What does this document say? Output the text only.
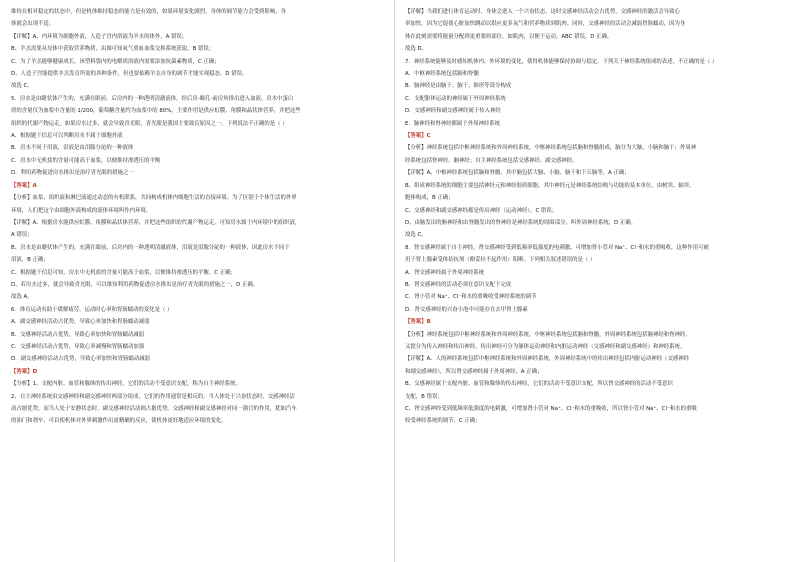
维持在相对稳定的状态中，但是机体维持稳态的能力是有效的，如果环境变化剧烈，身体的调节能力会受到影响，身
体就会出现不适。
【详解】A、内环境为细胞外液，人造子宫内浴液为羊水的体外，A 错误；
B、羊羔需要从母体中获取营养物质，由图可知氧气重血血浆交换系统获取，B 错误；
C、为了羊羔能够健康成长，该塑料袋内的电解质浴液内需要添加抗菌素物质，C 正确；
D、人造子宫能提供羊羔发育所需的各种条件，但也要依赖羊羔自身的调节才能实现稳态，D 错误。
故选 C。
5．房水是由睫状体产生的，充满在眼前、后房内的一种透明清澈液体，经后房-瞳孔-前房角排出进入血液。房水中蛋白
质的含量仅为血浆中含量的 1/200，葡萄糖含量约为血浆中的 80%，主要作用是供应虹膜、角膜和晶状体营养，并把这些
组织的代谢产物运走。如果房水过多，就会导致青光眼，青光眼是我国主要致盲原因之一。下列说法不正确的是（ ）
A．根据题干信息可以判断房水不属于细胞外液
B．房水不同于泪液，泪液是由泪腺分泌的一种液体
C．房水中无机盐的含量可能高于血浆，以便维持渗透压的平衡
D．利用药物促进房水排出是治疗青光眼的措施之一
【答案】A
【分析】血浆、组织液和淋巴液通过动态的有机联系，共同构成机体内细胞生活的直接环境。为了区别于个体生活的外界
环境，人们把这个由细胞外液构成的液体环境叫作内环境。
【详解】A、根据房水能供应虹膜、角膜和晶状体营养，并把这些组织的代谢产物运走，可知房水属于内环境中的组织液，
A 错误；
B、房水是由睫状体产生的，充满在眼前、后房内的一种透明清澈液体，泪液是泪腺分泌的一种液体，因此房水不同于
泪液，B 正确；
C、根据题干信息可知，房水中无机盐的含量可能高于血浆，以便维持渗透压的平衡，C 正确；
D、若房水过多，就会导致青光眼，可以推知利用药物促进房水排出是治疗青光眼的措施之一，D 正确。
故选 A。
6．体育运动有助于缓解疲劳，运动时心率和胃肠蠕动的变化是（ ）
A．副交感神经活动占优势，导致心率加快和胃肠蠕动减弱
B．交感神经活动占优势，导致心率加快和胃肠蠕动减弱
C．交感神经活动占优势，导致心率减慢和胃肠蠕动加强
D．副交感神经活动占优势，导致心率加快和胃肠蠕动减弱
【答案】D
【分析】1、支配内脏、血管和腺体的传出神经，它们的活动不受意识支配，称为自主神经系统。
2、自主神经系统由交感神经和副交感神经两部分组成，它们的作用通常是相反的。当人体处于兴奋状态时，交感神经活
动占据优势，而当人处于安静状态时，副交感神经活动则占据优势。交感神经和副交感神经对同一器官的作用，犹如汽车
的油门和刹车，可以使机体对外界刺激作出更精确的反应，使机体更好地适应环境的变化。
【详解】当我们进行体育运动时，身体会进入一个兴奋状态，这时交感神经活动会占优势，交感神经的激活会导致心
率加快，因为它促使心脏加快跳动以供应更多氧气和营养物质到肌肉。同时，交感神经的活动会减弱胃肠蠕动，因为身
体在此刻需要将能量分配到更重要的部位，如肌肉，以便于运动，ABC 错误，D 正确。
故选 D。
7．神经系统能够及时感知机体内、外环境的变化，使得机体能够保持协调与稳定。下列关于神经系统组成的表述，不正确的是（ ）
A．中枢神经系统包括脑和脊髓
B．脑神经是由脑干、脑干、锥形等部分构成
C．支配躯体运动的神经属于外周神经系统
D．交感神经和副交感神经属于传入神经
E．脑神经和脊神经都属于外周神经系统
【答案】C
【分析】神经系统包括中枢神经系统和外周神经系统，中枢神经系统包括脑和脊髓组成，脑分为大脑、小脑和脑干；外周神
经系统包括脊神经、脑神经；自主神经系统包括交感神经、副交感神经。
【详解】A、中枢神经系统包括脑和脊髓，其中脑包括大脑、小脑、脑干和下丘脑等，A 正确；
B、组成神经系统的细胞主要包括神经元和神经胶质细胞，其中神经元是神经系统结构与功能的基本单位，由树突、轴突、
胞体构成，B 正确；
C、交感神经和副交感神经都是传出神经（运动神经），C 错误；
D、由脑发出的脑神经和由脊髓发出的脊神经是神经系统的周围部分，叫外周神经系统，D 正确。
故选 C。
8．肾交感神经属于自主神经，肾交感神经受到低频率低强度的电刺激，可增加肾小管对 Na⁺、Cl⁻和水的重吸收，这种作用可被
用于肾上腺素受体拮抗剂（酚妥拉不起作用）阻断。下列相关叙述错误的是（ ）
A．肾交感神经属于外周神经系统
B．肾交感神经的活动必须在意识支配下完成
C．肾小管对 Na⁺、Cl⁻和水的重吸收受神经系统的调节
D．肾交感神经的兴奋小泡中可能存在去甲肾上腺素
【答案】B
【分析】神经系统包括中枢神经系统和外周神经系统，中枢神经系统包括脑和脊髓，外周神经系统包括脑神经和脊神经，
又提分为传入神经和传出神经，传出神经可分为躯体运动神经和内脏运动神经（交感神经和副交感神经）和神经系统。
【详解】A、人的神经系统包括中枢神经系统和外周神经系统，外周神经系统中的传出神经包括内脏运动神经（交感神经
和副交感神经），所以肾交感神经属于外周神经，A 正确；
B、交感神经属于支配内脏、血管和腺体的传出神经，它们的活动不受意识支配，所以肾交感神经的活动不受意识
支配，B 错误；
C、肾交感神经受到低频率低强度的电刺激，可增加肾小管对 Na⁺、Cl⁻和水的重吸收，所以肾小管对 Na⁺、Cl⁻和水的重吸
收受神经系统的调节，C 正确；
